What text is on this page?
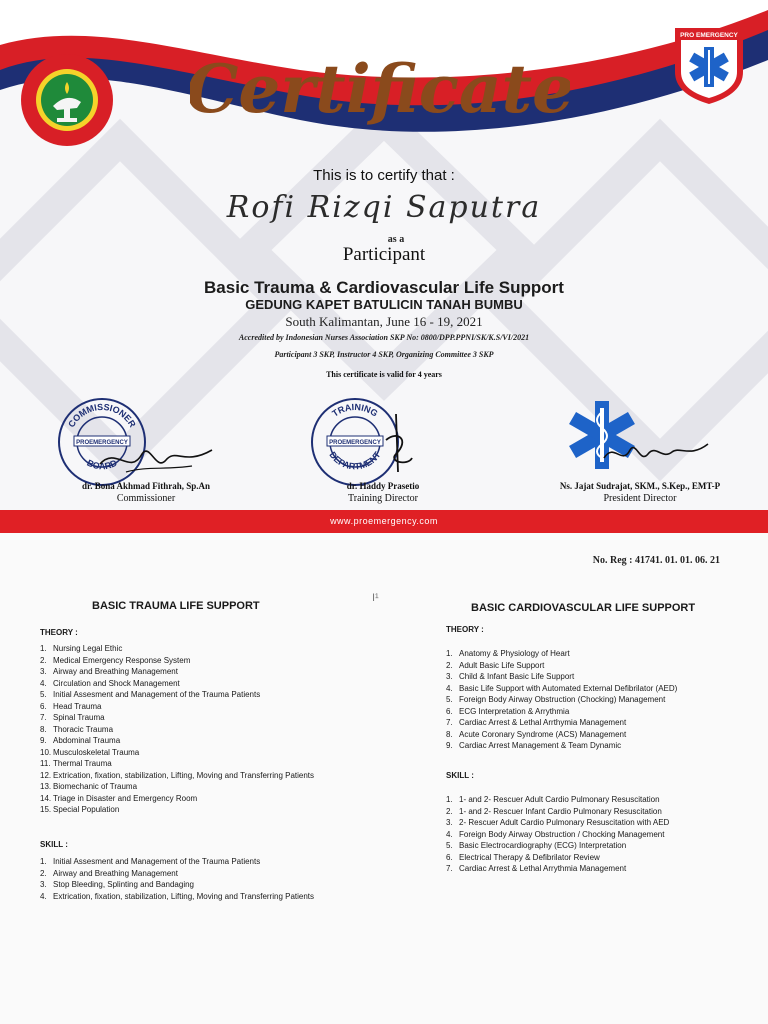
Certificate
PRO EMERGENCY
This is to certify that :
Rofi Rizqi Saputra
as a
Participant
Basic Trauma & Cardiovascular Life Support
GEDUNG KAPET BATULICIN TANAH BUMBU
South Kalimantan, June 16 - 19, 2021
Accredited by Indonesian Nurses Association SKP No: 0800/DPP.PPNI/SK/K.S/VI/2021
Participant 3 SKP, Instructor 4 SKP, Organizing Committee 3 SKP
This certificate is valid for 4 years
COMMISSIONER
BOARD
PROEMERGENCY
TRAINING
DEPARTMENT
PROEMERGENCY
dr. Bona Akhmad Fithrah, Sp.An
Commissioner
dr. Haddy Prasetio
Training Director
Ns. Jajat Sudrajat, SKM., S.Kep., EMT-P
President Director
www.proemergency.com
No. Reg : 41741. 01. 01. 06. 21
I¹
BASIC TRAUMA LIFE SUPPORT
THEORY :
1. Nursing Legal Ethic
2. Medical Emergency Response System
3. Airway and Breathing Management
4. Circulation and Shock Management
5. Initial Assesment and Management of the Trauma Patients
6. Head Trauma
7. Spinal Trauma
8. Thoracic Trauma
9. Abdominal Trauma
10. Musculoskeletal Trauma
11. Thermal Trauma
12. Extrication, fixation, stabilization, Lifting, Moving and Transferring Patients
13. Biomechanic of Trauma
14. Triage in Disaster and Emergency Room
15. Special Population
SKILL :
1. Initial Assesment and Management of the Trauma Patients
2. Airway and Breathing Management
3. Stop Bleeding, Splinting and Bandaging
4. Extrication, fixation, stabilization, Lifting, Moving and Transferring Patients
BASIC CARDIOVASCULAR LIFE SUPPORT
THEORY :
1. Anatomy & Physiology of Heart
2. Adult Basic Life Support
3. Child & Infant Basic Life Support
4. Basic Life Support with Automated External Defibrilator (AED)
5. Foreign Body Airway Obstruction (Chocking) Management
6. ECG Interpretation & Arrythmia
7. Cardiac Arrest & Lethal Arrthymia Management
8. Acute Coronary Syndrome (ACS) Management
9. Cardiac Arrest Management & Team Dynamic
SKILL :
1. 1- and 2- Rescuer Adult Cardio Pulmonary Resuscitation
2. 1- and 2- Rescuer Infant Cardio Pulmonary Resuscitation
3. 2- Rescuer Adult Cardio Pulmonary Resuscitation with AED
4. Foreign Body Airway Obstruction / Chocking Management
5. Basic Electrocardiography (ECG) Interpretation
6. Electrical Therapy & Defibrilator Review
7. Cardiac Arrest & Lethal Arrythmia Management
